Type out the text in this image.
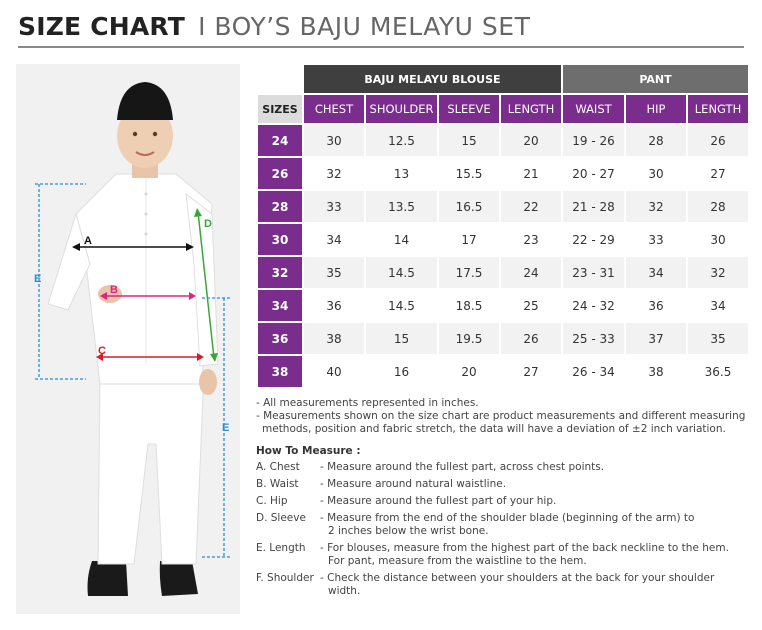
SIZE CHART I BOY’S BAJU MELAYU SET
A
B
C
D
E
E
	BAJU MELAYU BLOUSE				PANT		
SIZES	CHEST	SHOULDER	SLEEVE	LENGTH	WAIST	HIP	LENGTH
24	30	12.5	15	20	19 - 26	28	26
26	32	13	15.5	21	20 - 27	30	27
28	33	13.5	16.5	22	21 - 28	32	28
30	34	14	17	23	22 - 29	33	30
32	35	14.5	17.5	24	23 - 31	34	32
34	36	14.5	18.5	25	24 - 32	36	34
36	38	15	19.5	26	25 - 33	37	35
38	40	16	20	27	26 - 34	38	36.5

- All measurements represented in inches.

- Measurements shown on the size chart are product measurements and different measuring

methods, position and fabric stretch, the data will have a deviation of ±2 inch variation.

How To Measure :
A. Chest	- Measure around the fullest part, across chest points.
B. Waist	- Measure around natural waistline.
C. Hip	- Measure around the fullest part of your hip.
D. Sleeve	- Measure from the end of the shoulder blade (beginning of the arm) to
2 inches below the wrist bone.
E. Length	- For blouses, measure from the highest part of the back neckline to the hem.
For pant, measure from the waistline to the hem.
F. Shoulder - Check the distance between your shoulders at the back for your shoulder
width.
